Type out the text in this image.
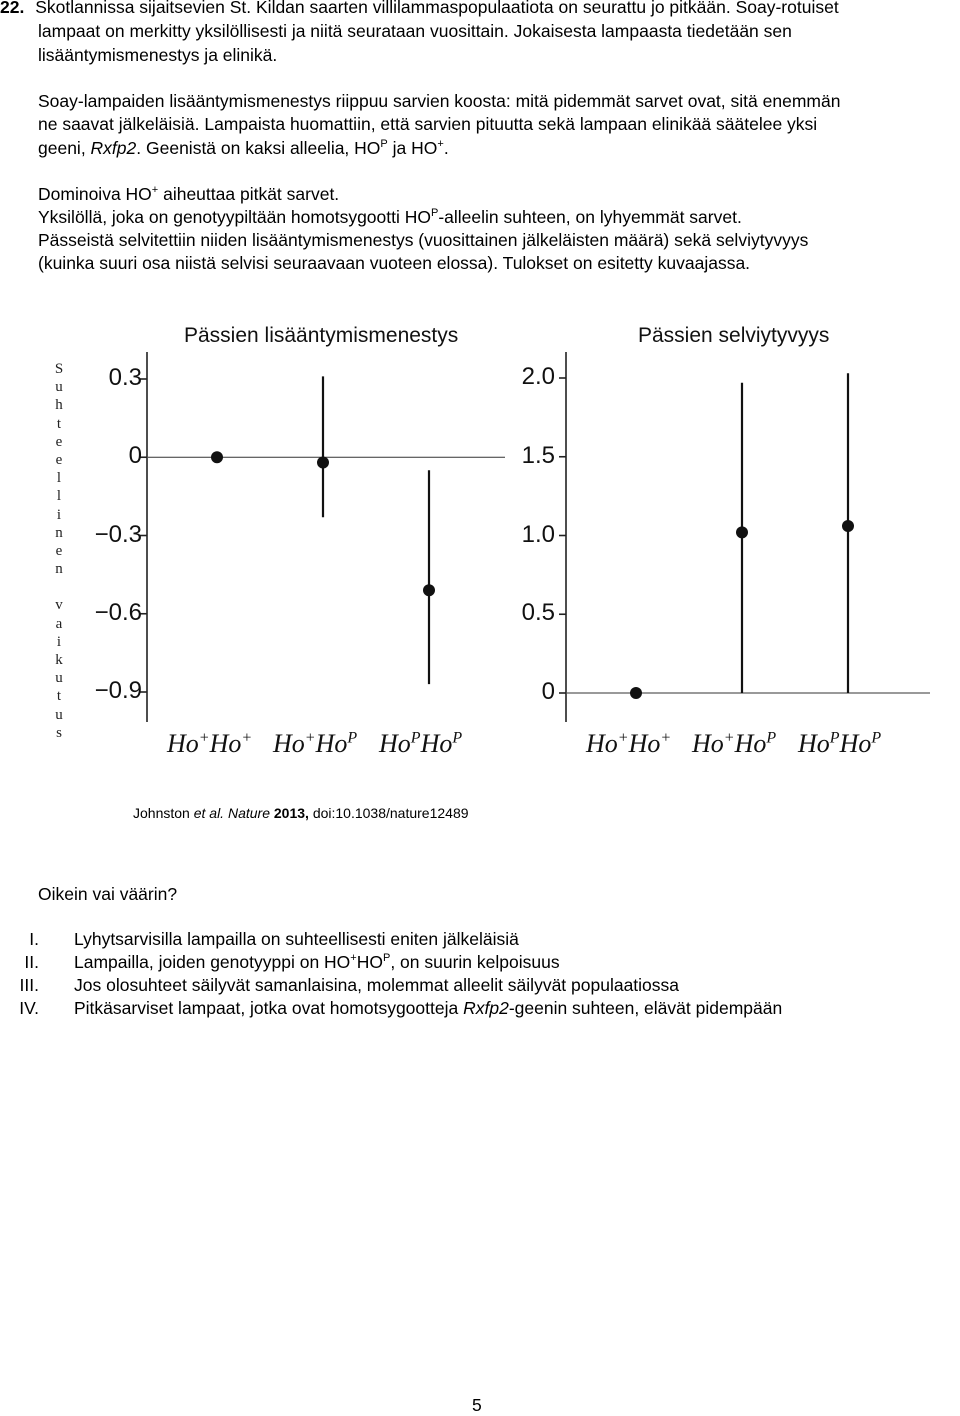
22. Skotlannissa sijaitsevien St. Kildan saarten villilammaspopulaatiota on seurattu jo pitkään. Soay-rotuiset
lampaat on merkitty yksilöllisesti ja niitä seurataan vuosittain. Jokaisesta lampaasta tiedetään sen
lisääntymismenestys ja elinikä.
Soay-lampaiden lisääntymismenestys riippuu sarvien koosta: mitä pidemmät sarvet ovat, sitä enemmän
ne saavat jälkeläisiä. Lampaista huomattiin, että sarvien pituutta sekä lampaan elinikää säätelee yksi
geeni, Rxfp2. Geenistä on kaksi alleelia, $HO^P$ ja HO+.
Dominoiva HO+ aiheuttaa pitkät sarvet.
Yksilöllä, joka on genotyypiltään homotsygootti $HO^P$-alleelin suhteen, on lyhyemmät sarvet.
Pässeistä selvitettiin niiden lisääntymismenestys (vuosittainen jälkeläisten määrä) sekä selviytyvyys
(kuinka suuri osa niistä selvisi seuraavaan vuoteen elossa). Tulokset on esitetty kuvaajassa.
Pässien lisääntymismenestys	Pässien selviytyvyys
S
u
h
t
e
e
l
l
i
n
e
n
v
a
i
k
u
t
u
s
0.3
0
−0.3
−0.6
−0.9
2.0
1.5
1.0
0.5
0
Ho+Ho+ $Ho^+Ho^P$ $Ho^PHo^P$	Ho+Ho+ $Ho^+Ho^P$ $Ho^PHo^P$
Johnston et al. Nature 2013, doi:10.1038/nature12489
Oikein vai väärin?
I. Lyhytsarvisilla lampailla on suhteellisesti eniten jälkeläisiä
II. Lampailla, joiden genotyyppi on $HO^+HO^P$, on suurin kelpoisuus
III. Jos olosuhteet säilyvät samanlaisina, molemmat alleelit säilyvät populaatiossa
IV. Pitkäsarviset lampaat, jotka ovat homotsygootteja Rxfp2-geenin suhteen, elävät pidempään
5
